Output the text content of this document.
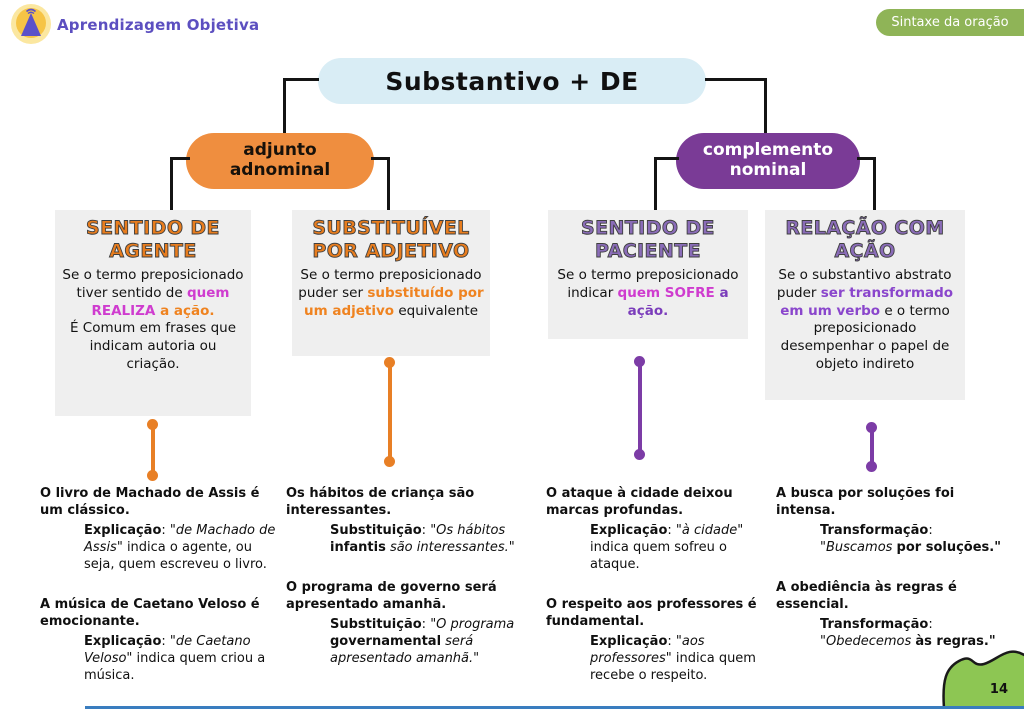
Aprendizagem Objetiva	Sintaxe da oração
Substantivo + DE
adjunto
adnominal
complemento
nominal
SENTIDO DE
AGENTE
Se o termo preposicionado tiver sentido de quem REALIZA a ação.
É Comum em frases que indicam autoria ou criação.
SUBSTITUÍVEL
POR ADJETIVO
Se o termo preposicionado puder ser substituído por um adjetivo equivalente
SENTIDO DE
PACIENTE
Se o termo preposicionado indicar quem SOFRE a ação.
RELAÇÃO COM
AÇÃO
Se o substantivo abstrato puder ser transformado em um verbo e o termo preposicionado desempenhar o papel de objeto indireto
O livro de Machado de Assis é um clássico.
Explicação: "de Machado de Assis" indica o agente, ou seja, quem escreveu o livro.
A música de Caetano Veloso é emocionante.
Explicação: "de Caetano Veloso" indica quem criou a música.
Os hábitos de criança são interessantes.
Substituição: "Os hábitos infantis são interessantes."
O programa de governo será apresentado amanhã.
Substituição: "O programa governamental será apresentado amanhã."
O ataque à cidade deixou marcas profundas.
Explicação: "à cidade" indica quem sofreu o ataque.
O respeito aos professores é fundamental.
Explicação: "aos professores" indica quem recebe o respeito.
A busca por soluções foi intensa.
Transformação: "Buscamos por soluções."
A obediência às regras é essencial.
Transformação: "Obedecemos às regras."
14
